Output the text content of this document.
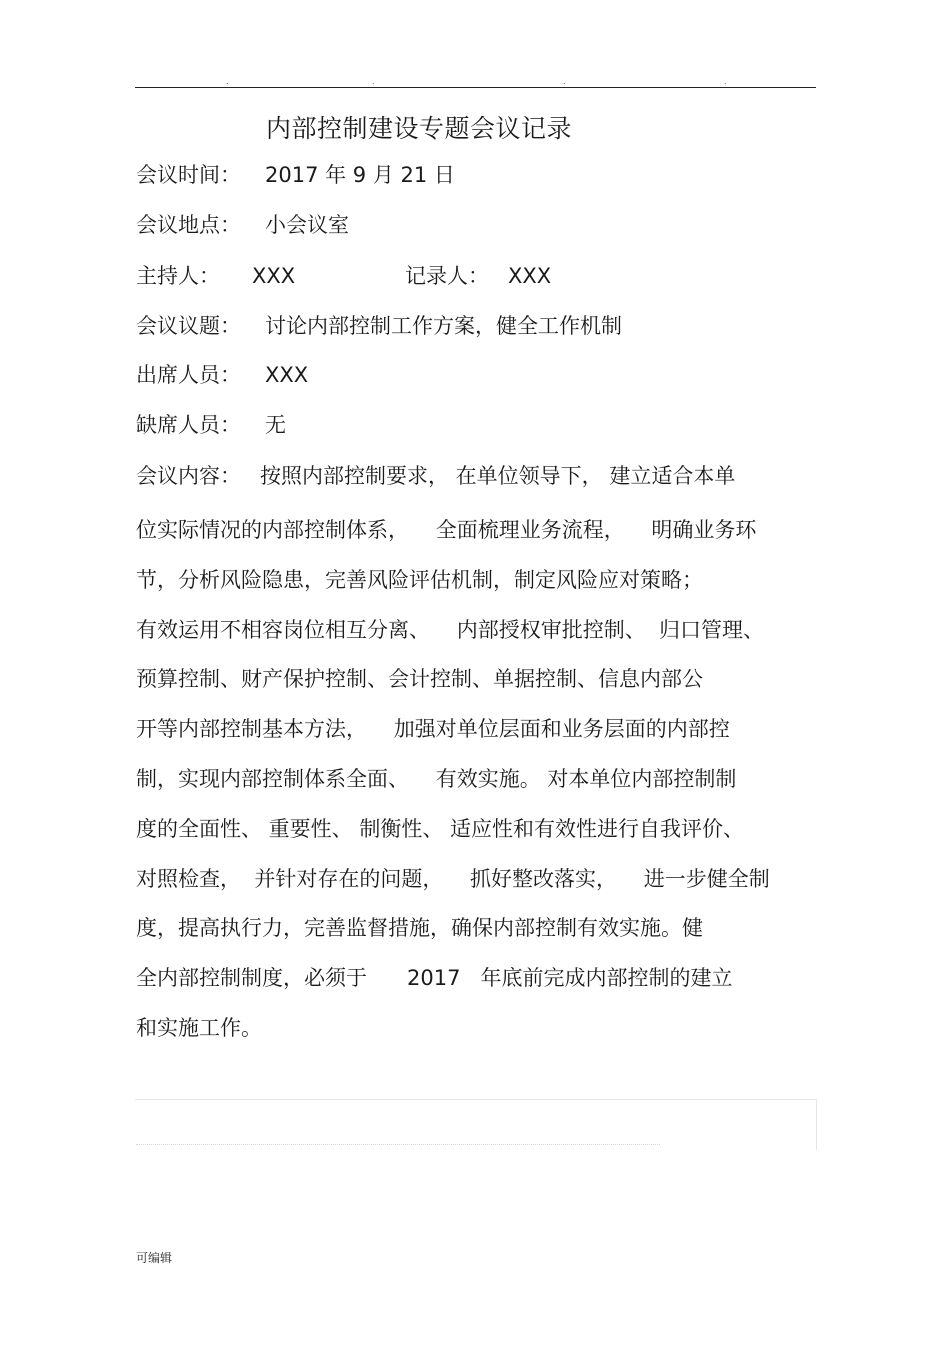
.	.	.	.
内部控制建设专题会议记录
会议时间： 2017 年 9 月 21 日
会议地点： 小会议室
主持人： XXX	记录人： XXX
会议议题： 讨论内部控制工作方案，健全工作机制
出席人员： XXX
缺席人员： 无
会议内容： 按照内部控制要求， 在单位领导下， 建立适合本单
位实际情况的内部控制体系，    全面梳理业务流程，    明确业务环
节，分析风险隐患，完善风险评估机制，制定风险应对策略；
有效运用不相容岗位相互分离、    内部授权审批控制、  归口管理、
预算控制、财产保护控制、会计控制、单据控制、信息内部公
开等内部控制基本方法，    加强对单位层面和业务层面的内部控
制，实现内部控制体系全面、    有效实施。 对本单位内部控制制
度的全面性、 重要性、 制衡性、 适应性和有效性进行自我评价、
对照检查，  并针对存在的问题，    抓好整改落实，    进一步健全制
度，提高执行力，完善监督措施，确保内部控制有效实施。健
全内部控制制度，必须于      2017   年底前完成内部控制的建立
和实施工作。
可编辑
